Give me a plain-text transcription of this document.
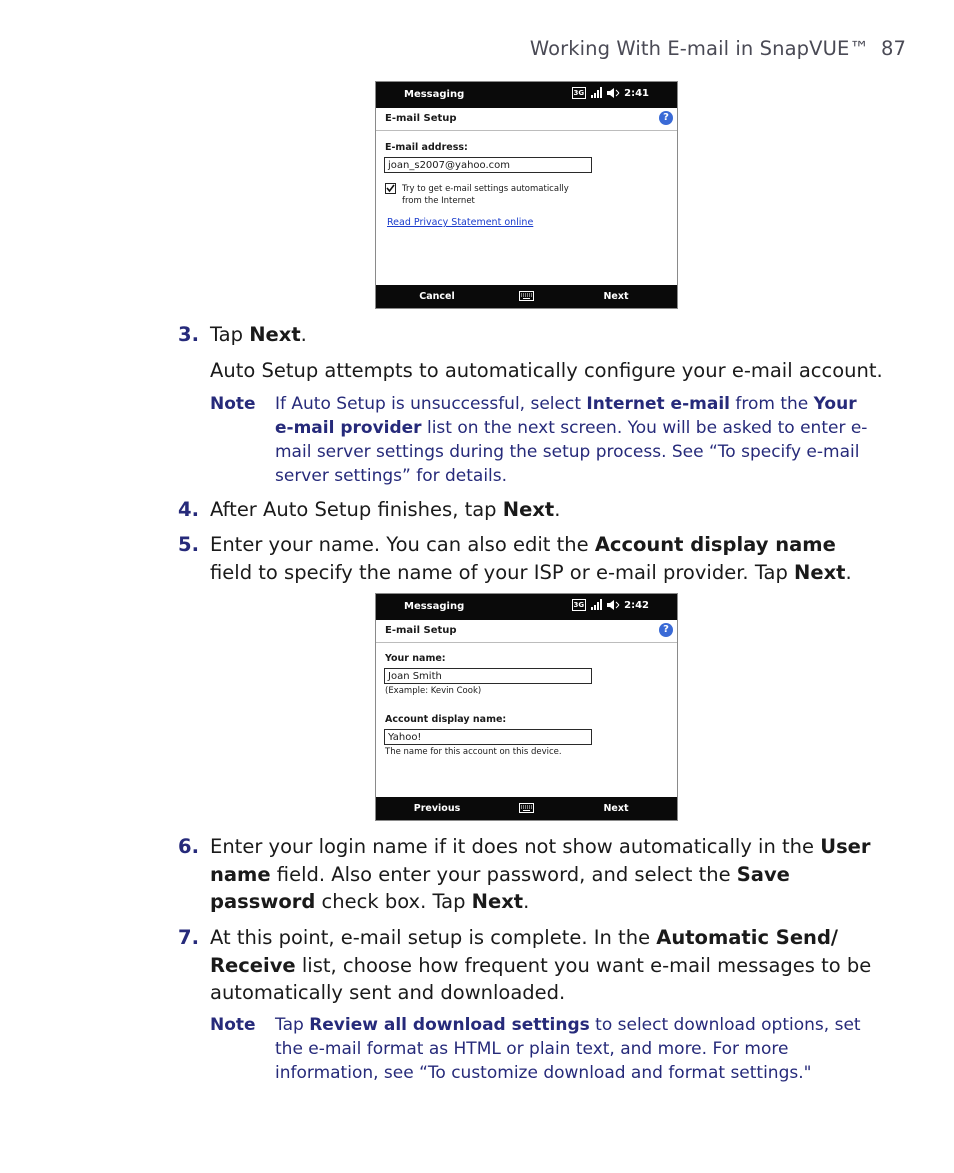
Working With E-mail in SnapVUE™ 87
Messaging	3G	2:41
E-mail Setup	?
E-mail address:
joan_s2007@yahoo.com
Try to get e-mail settings automatically
from the Internet
Read Privacy Statement online
Cancel	Next
3. Tap Next.
Auto Setup attempts to automatically configure your e-mail account.
Note If Auto Setup is unsuccessful, select Internet e-mail from the Your e-mail provider list on the next screen. You will be asked to enter e-mail server settings during the setup process. See “To specify e-mail server settings” for details.
4. After Auto Setup finishes, tap Next.
5. Enter your name. You can also edit the Account display name field to specify the name of your ISP or e-mail provider. Tap Next.
Messaging	3G	2:42
E-mail Setup	?
Your name:
Joan Smith
(Example: Kevin Cook)
Account display name:
Yahoo!
The name for this account on this device.
Previous	Next
6. Enter your login name if it does not show automatically in the User name field. Also enter your password, and select the Save password check box. Tap Next.
7. At this point, e-mail setup is complete. In the Automatic Send/ Receive list, choose how frequent you want e-mail messages to be automatically sent and downloaded.
Note Tap Review all download settings to select download options, set the e-mail format as HTML or plain text, and more. For more information, see “To customize download and format settings."
